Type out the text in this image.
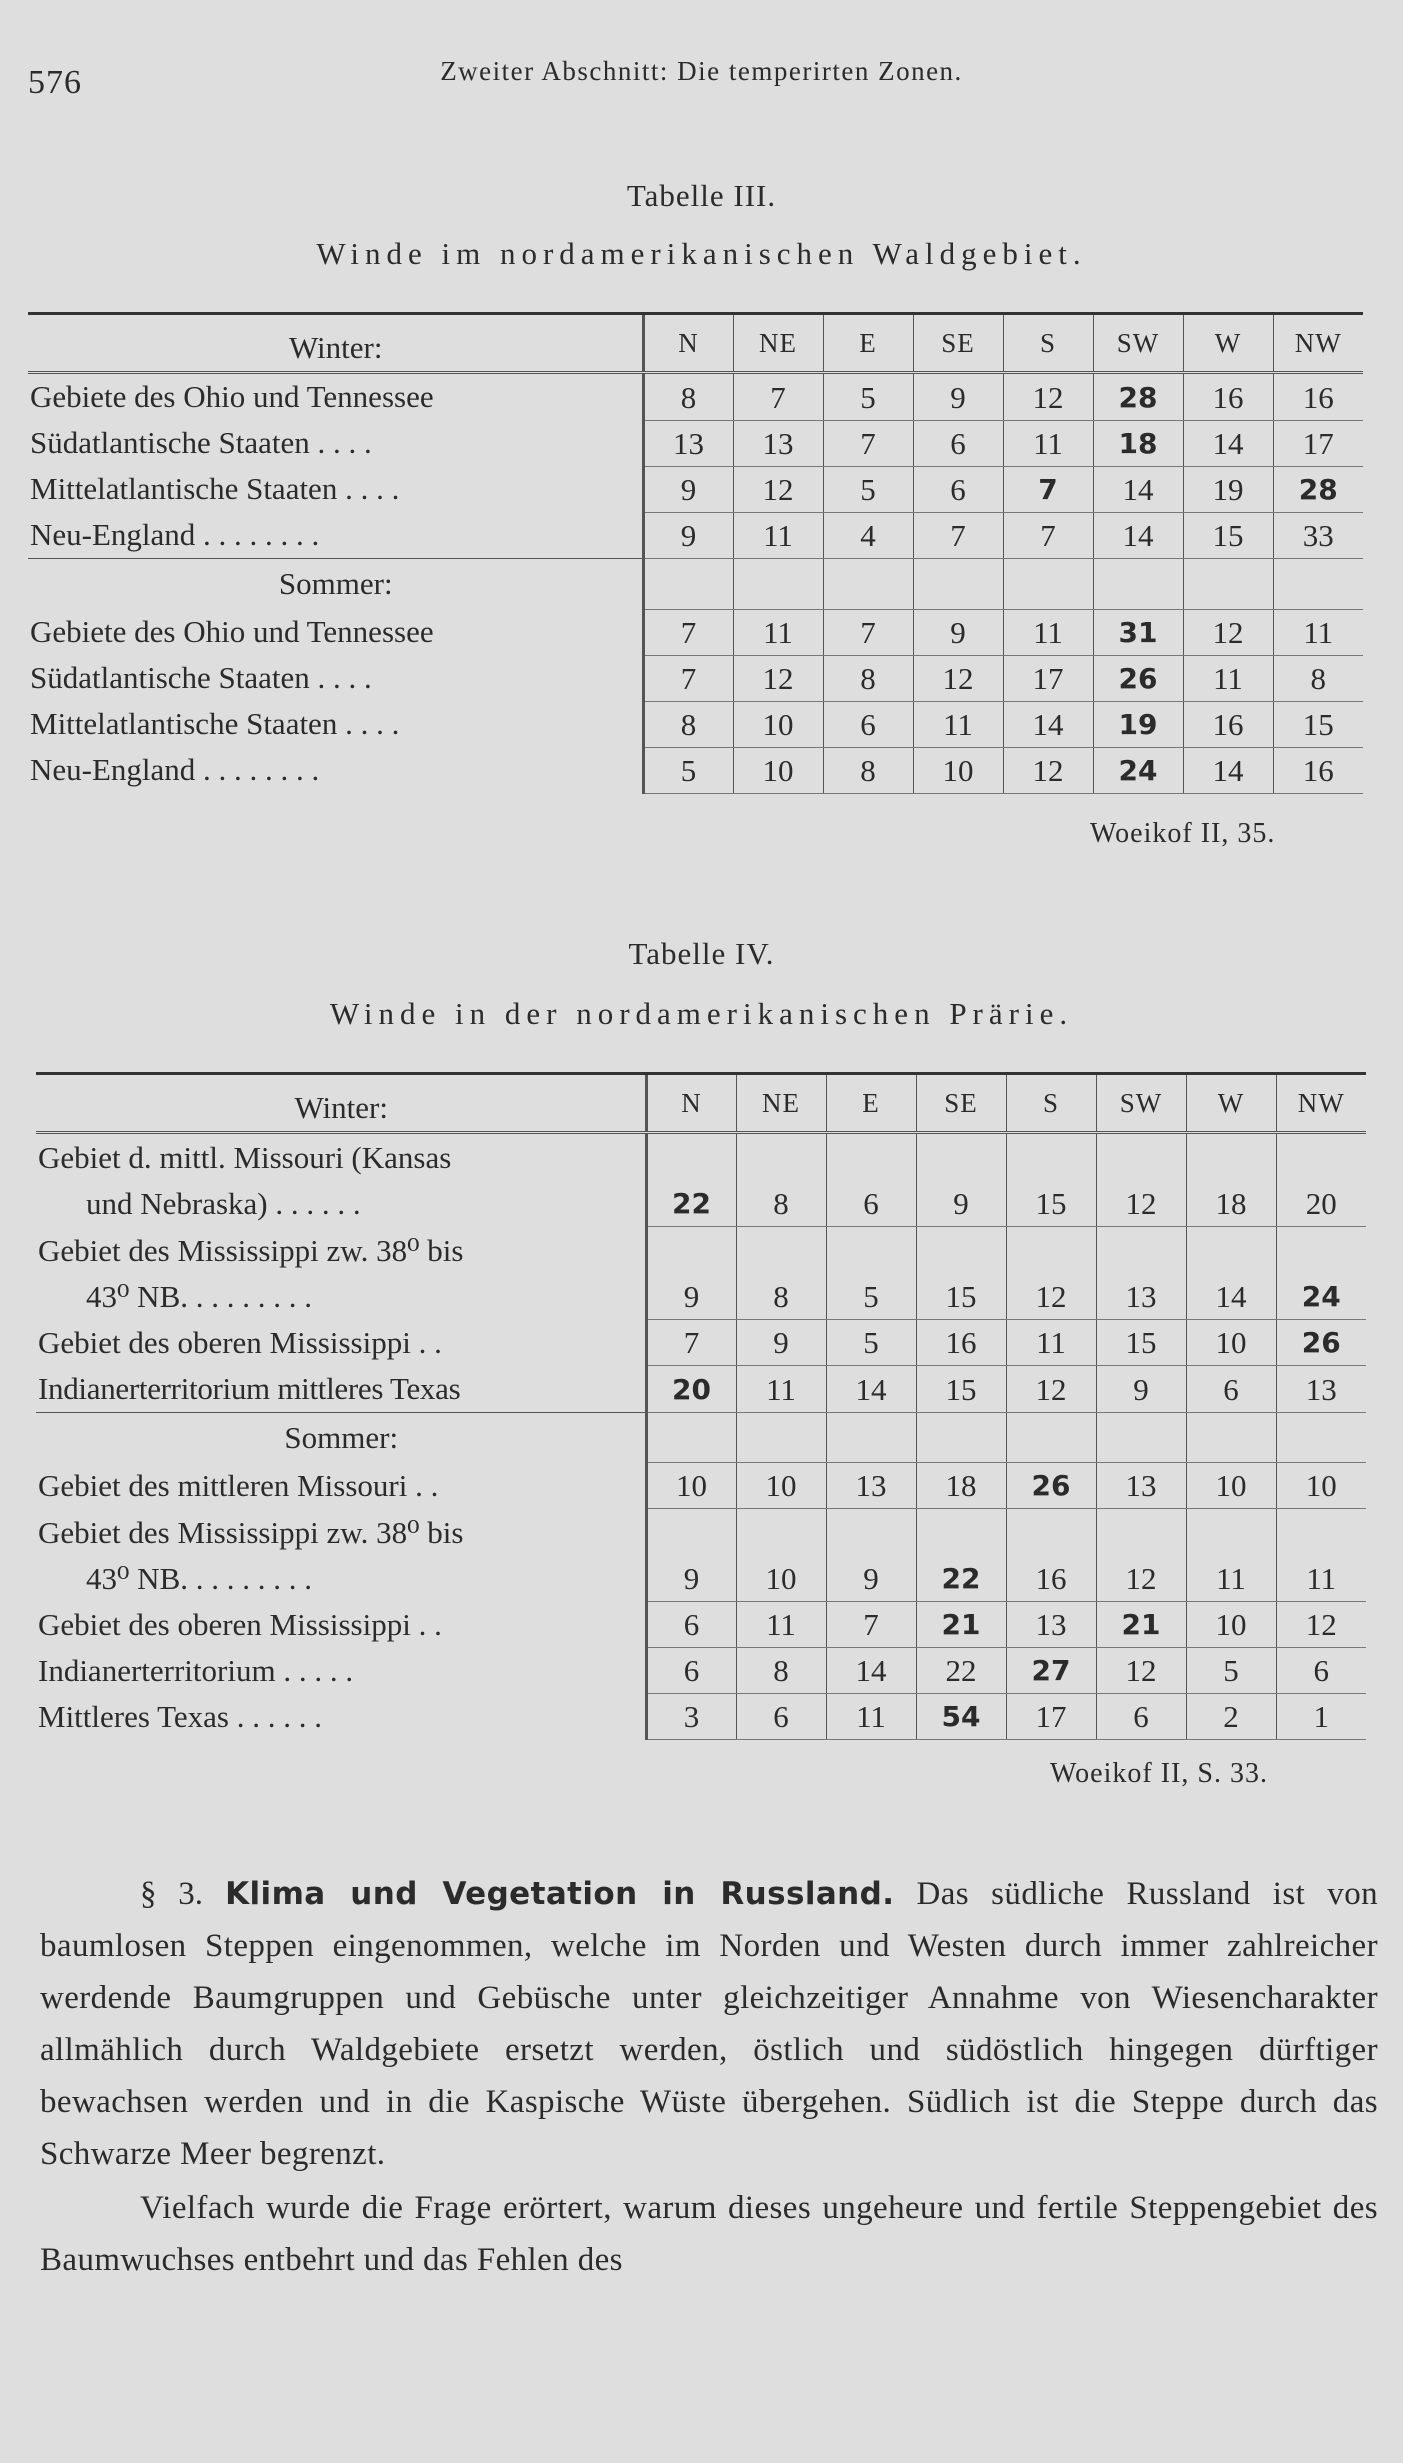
576	Zweiter Abschnitt: Die temperirten Zonen.
Tabelle III.
Winde im nordamerikanischen Waldgebiet.
Winter:	N	NE	E	SE	S	SW	W	NW
Gebiete des Ohio und Tennessee	8	7	5	9	12	28	16	16
Südatlantische Staaten . . . .	13	13	7	6	11	18	14	17
Mittelatlantische Staaten . . . .	9	12	5	6	7	14	19	28
Neu-England . . . . . . . .	9	11	4	7	7	14	15	33
Sommer:								
Gebiete des Ohio und Tennessee	7	11	7	9	11	31	12	11
Südatlantische Staaten . . . .	7	12	8	12	17	26	11	8
Mittelatlantische Staaten . . . .	8	10	6	11	14	19	16	15
Neu-England . . . . . . . .	5	10	8	10	12	24	14	16
Woeikof II, 35.
Tabelle IV.
Winde in der nordamerikanischen Prärie.
Winter:	N	NE	E	SE	S	SW	W	NW

Gebiet d. mittl. Missouri (Kansas
und Nebraska) . . . . . .	22	8	6	9	15	12	18	20

Gebiet des Mississippi zw. 38⁰ bis
43⁰ NB. . . . . . . . .	9	8	5	15	12	13	14	24
Gebiet des oberen Mississippi . .	7	9	5	16	11	15	10	26
Indianerterritorium mittleres Texas	20	11	14	15	12	9	6	13
Sommer:								
Gebiet des mittleren Missouri . .	10	10	13	18	26	13	10	10

Gebiet des Mississippi zw. 38⁰ bis
43⁰ NB. . . . . . . . .	9	10	9	22	16	12	11	11
Gebiet des oberen Mississippi . .	6	11	7	21	13	21	10	12
Indianerterritorium . . . . .	6	8	14	22	27	12	5	6
Mittleres Texas . . . . . .	3	6	11	54	17	6	2	1
Woeikof II, S. 33.

§ 3. Klima und Vegetation in Russland. Das südliche Russland ist von baumlosen Steppen eingenommen, welche im Norden und Westen durch immer zahlreicher werdende Baumgruppen und Gebüsche unter gleichzeitiger Annahme von Wiesencharakter allmählich durch Waldgebiete ersetzt werden, östlich und südöstlich hingegen dürftiger bewachsen werden und in die Kaspische Wüste übergehen. Südlich ist die Steppe durch das Schwarze Meer begrenzt.

Vielfach wurde die Frage erörtert, warum dieses ungeheure und fertile Steppengebiet des Baumwuchses entbehrt und das Fehlen des
